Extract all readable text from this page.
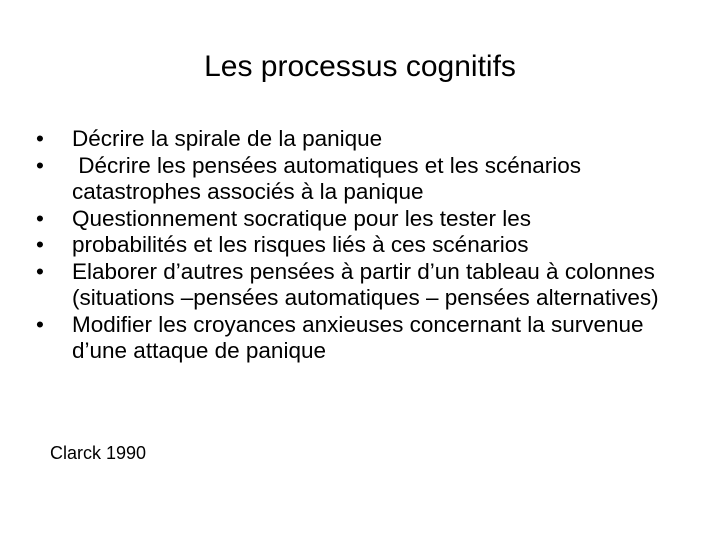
Les processus cognitifs
•	Décrire la spirale de la panique
•	Décrire les pensées automatiques et les scénarios catastrophes associés à la panique
•	Questionnement socratique pour les tester les
•	probabilités et les risques liés à ces scénarios
•	Elaborer d’autres pensées à partir d’un tableau à colonnes (situations –pensées automatiques – pensées alternatives)
•	Modifier les croyances anxieuses concernant la survenue d’une attaque de panique
Clarck 1990
